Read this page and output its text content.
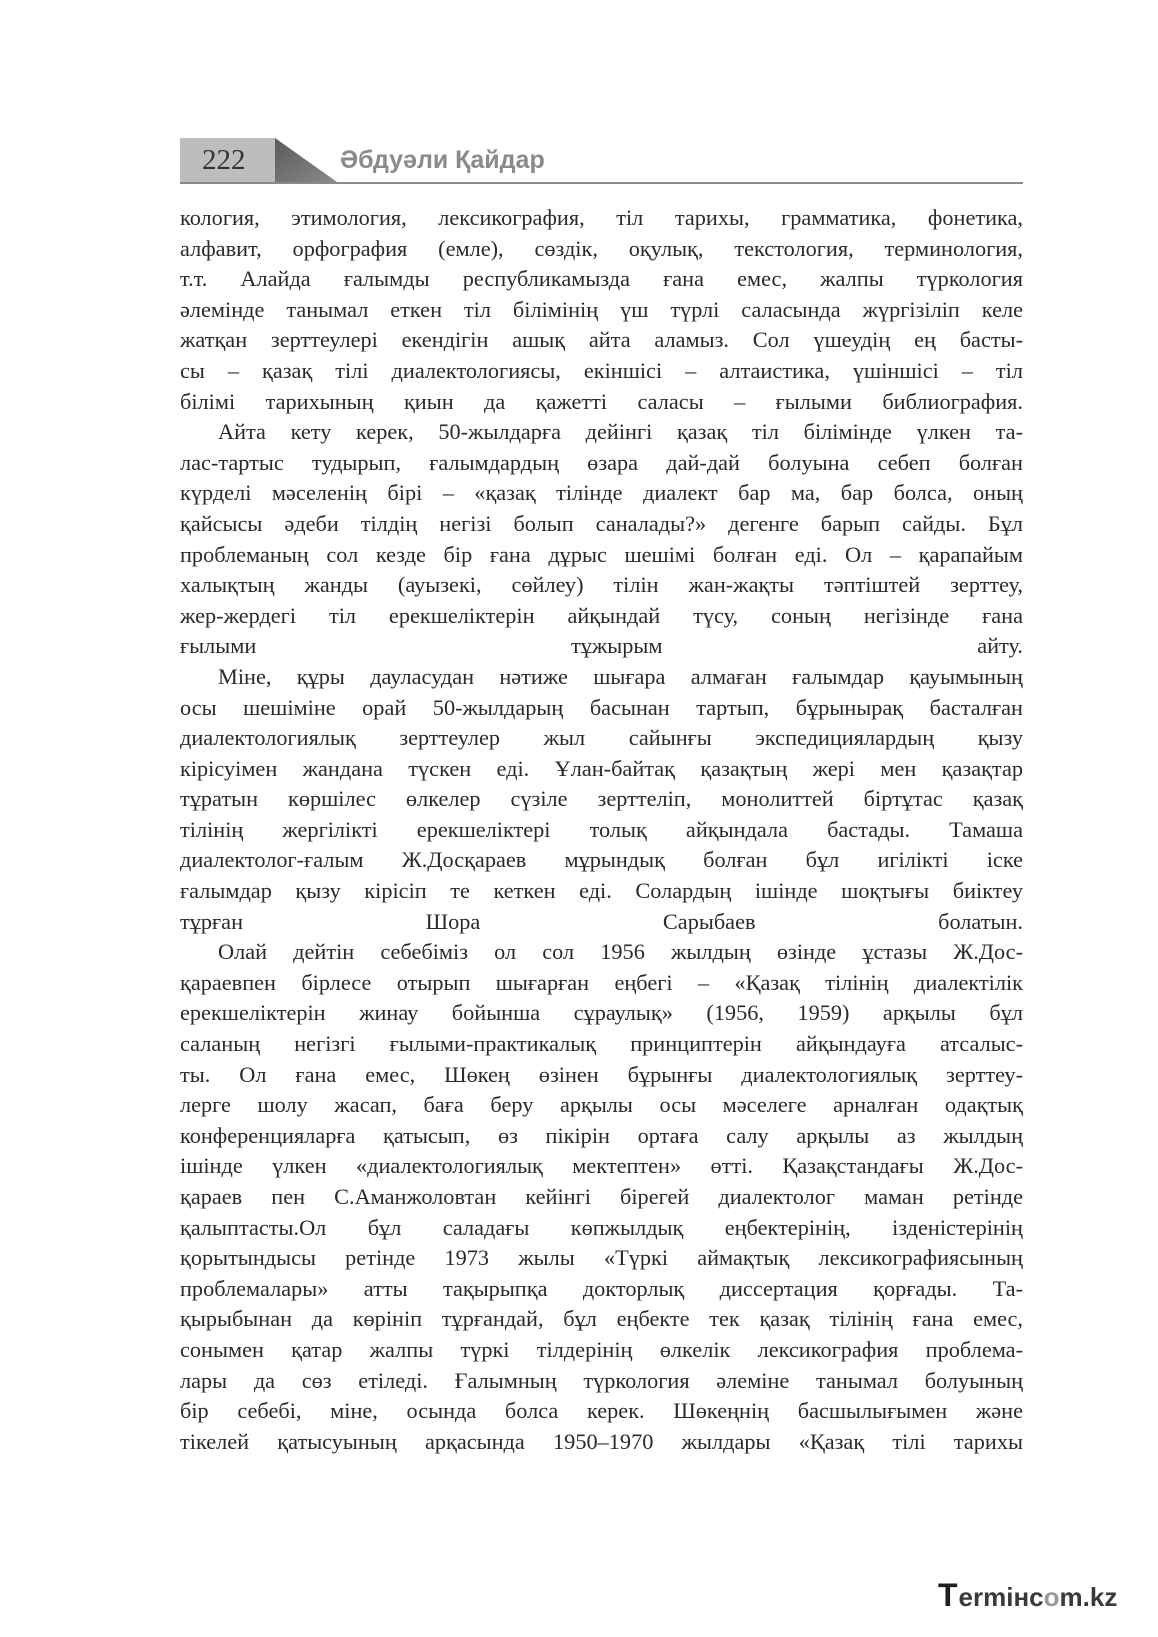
222	Әбдуәли Қайдар

кология, этимология, лексикография, тіл тарихы, грамматика, фонетика,
алфавит, орфография (емле), сөздік, оқулық, текстология, терминология,
т.т. Алайда ғалымды республикамызда ғана емес, жалпы түркология
әлемінде танымал еткен тіл білімінің үш түрлі саласында жүргізіліп келе
жатқан зерттеулері екендігін ашық айта аламыз. Сол үшеудің ең басты-
сы – қазақ тілі диалектологиясы, екіншісі – алтаистика, үшіншісі – тіл
білімі тарихының қиын да қажетті саласы – ғылыми библиография.

Айта кету керек, 50-жылдарға дейінгі қазақ тіл білімінде үлкен та-
лас-тартыс тудырып, ғалымдардың өзара дай-дай болуына себеп болған
күрделі мәселенің бірі – «қазақ тілінде диалект бар ма, бар болса, оның
қайсысы әдеби тілдің негізі болып саналады?» дегенге барып сайды. Бұл
проблеманың сол кезде бір ғана дұрыс шешімі болған еді. Ол – қарапайым
халықтың жанды (ауызекі, сөйлеу) тілін жан-жақты тәптіштей зерттеу,
жер-жердегі тіл ерекшеліктерін айқындай түсу, соның негізінде ғана
ғылыми тұжырым айту.

Міне, құры дауласудан нәтиже шығара алмаған ғалымдар қауымының
осы шешіміне орай 50-жылдарың басынан тартып, бұрынырақ басталған
диалектологиялық зерттеулер жыл сайынғы экспедициялардың қызу
кірісуімен жандана түскен еді. Ұлан-байтақ қазақтың жері мен қазақтар
тұратын көршілес өлкелер сүзіле зерттеліп, монолиттей біртұтас қазақ
тілінің жергілікті ерекшеліктері толық айқындала бастады. Тамаша
диалектолог-ғалым Ж.Досқараев мұрындық болған бұл игілікті іске
ғалымдар қызу кірісіп те кеткен еді. Солардың ішінде шоқтығы биіктеу
тұрған Шора Сарыбаев болатын.

Олай дейтін себебіміз ол сол 1956 жылдың өзінде ұстазы Ж.Дос-
қараевпен бірлесе отырып шығарған еңбегі – «Қазақ тілінің диалектілік
ерекшеліктерін жинау бойынша сұраулық» (1956, 1959) арқылы бұл
саланың негізгі ғылыми-практикалық принциптерін айқындауға атсалыс-
ты. Ол ғана емес, Шөкең өзінен бұрынғы диалектологиялық зерттеу-
лерге шолу жасап, баға беру арқылы осы мәселеге арналған одақтық
конференцияларға қатысып, өз пікірін ортаға салу арқылы аз жылдың
ішінде үлкен «диалектологиялық мектептен» өтті. Қазақстандағы Ж.Дос-
қараев пен С.Аманжоловтан кейінгі бірегей диалектолог маман ретінде
қалыптасты.Ол бұл саладағы көпжылдық еңбектерінің, ізденістерінің
қорытындысы ретінде 1973 жылы «Түркі аймақтық лексикографиясының
проблемалары» атты тақырыпқа докторлық диссертация қорғады. Та-
қырыбынан да көрініп тұрғандай, бұл еңбекте тек қазақ тілінің ғана емес,
сонымен қатар жалпы түркі тілдерінің өлкелік лексикография проблема-
лары да сөз етіледі. Ғалымның түркология әлеміне танымал болуының
бір себебі, міне, осында болса керек. Шөкеңнің басшылығымен және
тікелей қатысуының арқасында 1950–1970 жылдары «Қазақ тілі тарихы

Termінсоm.kz
